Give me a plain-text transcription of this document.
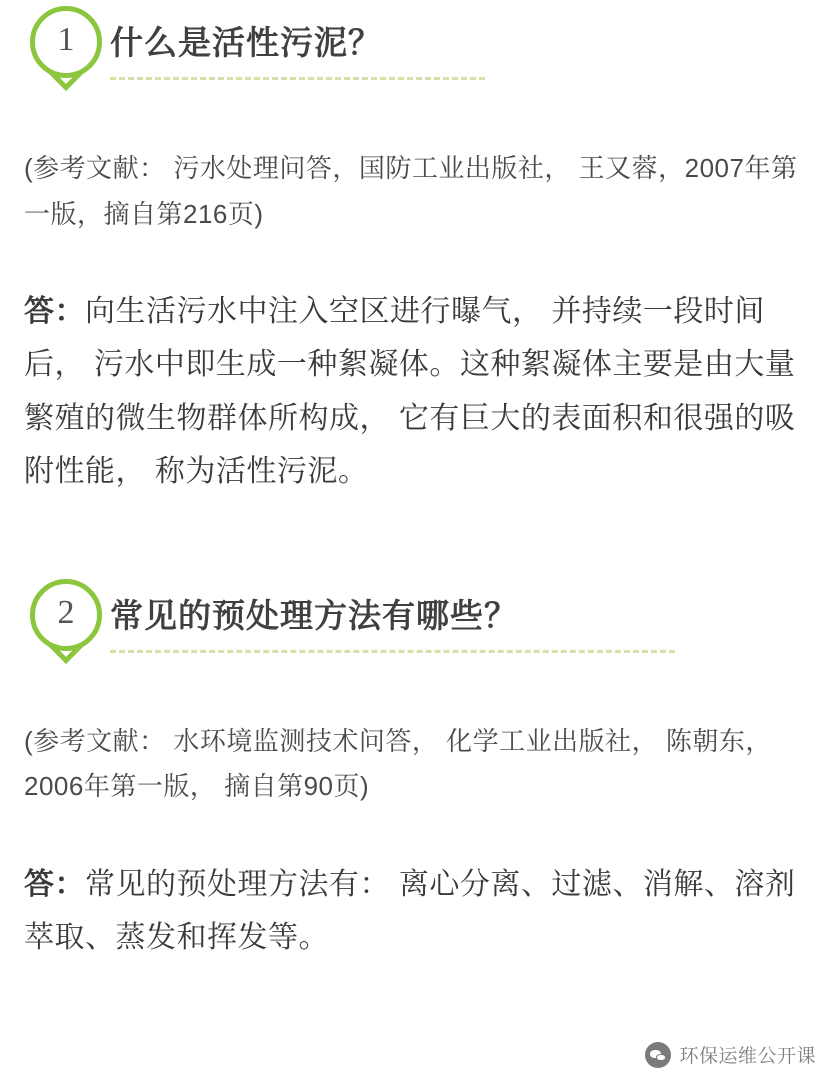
1	什么是活性污泥？
(参考文献： 污水处理问答，国防工业出版社， 王又蓉，2007年第一版，摘自第216页)
答：向生活污水中注入空区进行曝气， 并持续一段时间后， 污水中即生成一种絮凝体。这种絮凝体主要是由大量繁殖的微生物群体所构成， 它有巨大的表面积和很强的吸附性能， 称为活性污泥。
2	常见的预处理方法有哪些？
(参考文献： 水环境监测技术问答， 化学工业出版社， 陈朝东， 2006年第一版， 摘自第90页)
答：常见的预处理方法有： 离心分离、过滤、消解、溶剂萃取、蒸发和挥发等。
环保运维公开课
